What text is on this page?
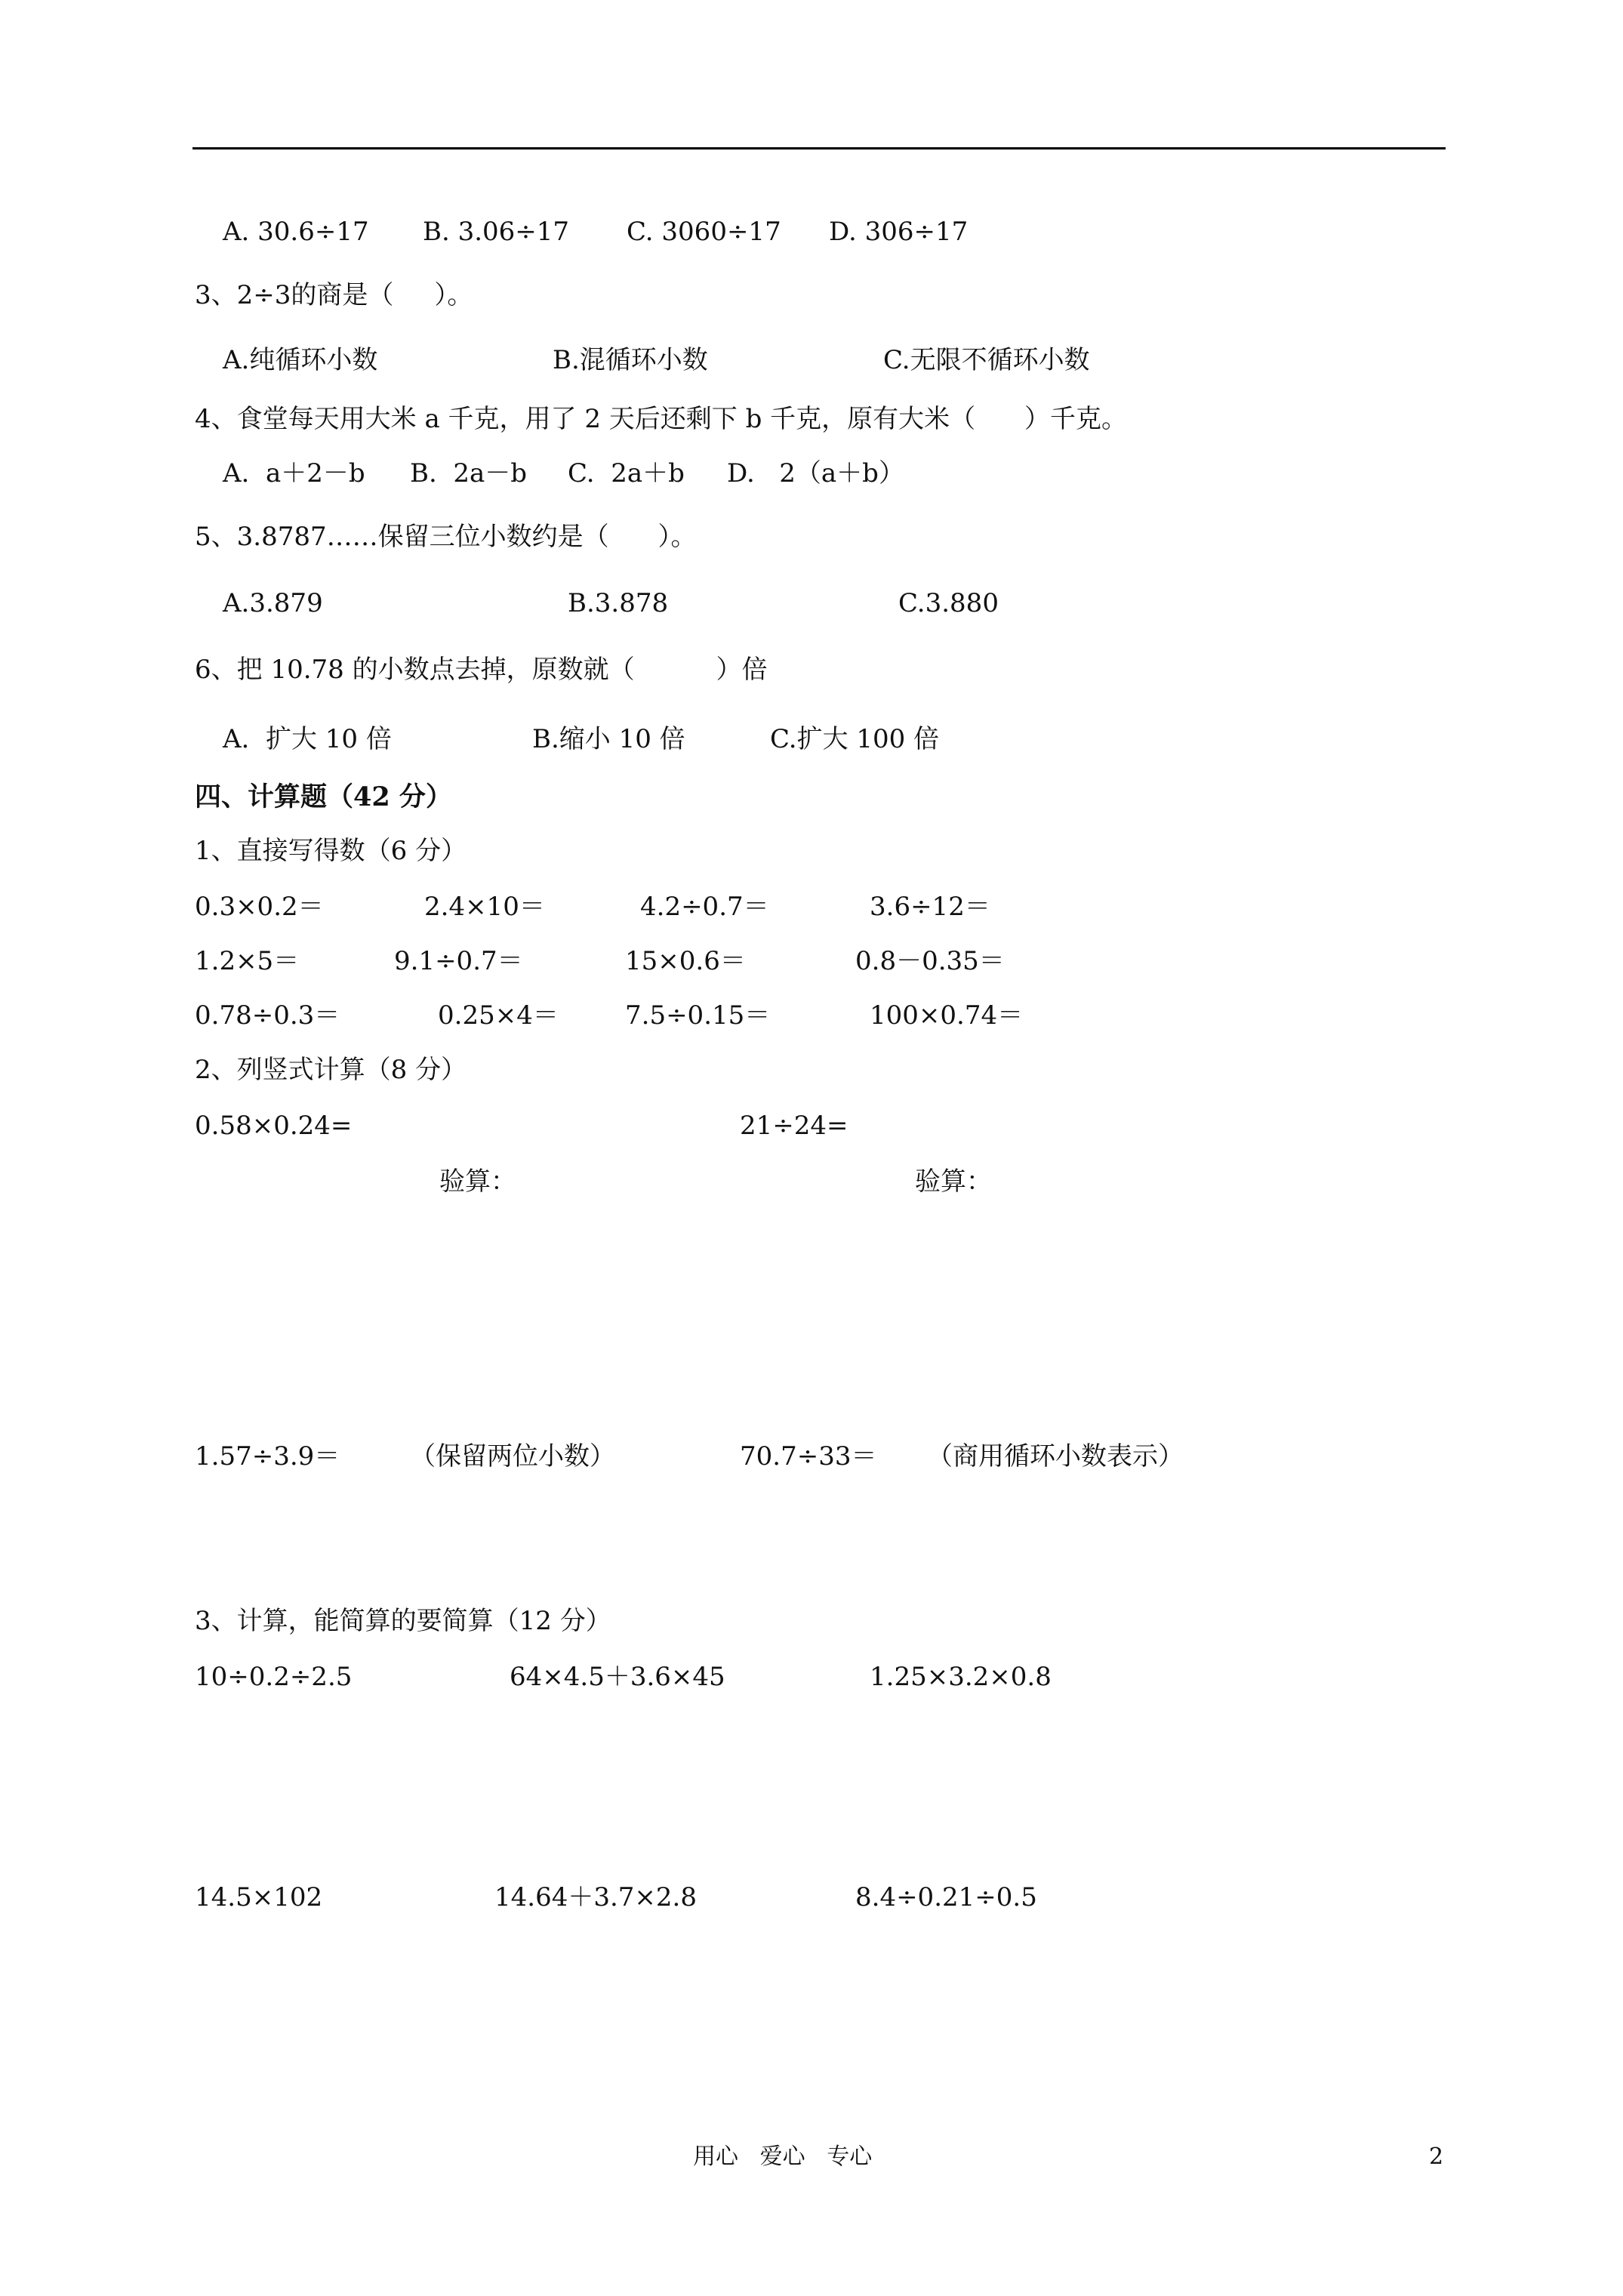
A. 30.6÷17 B. 3.06÷17 C. 3060÷17 D. 306÷17
3、2÷3的商是（     ）。
A.纯循环小数	B.混循环小数	C.无限不循环小数
4、食堂每天用大米 a 千克，用了 2 天后还剩下 b 千克，原有大米（      ）千克。
A.  a＋2－b B.  2a－b C.  2a＋b D.   2（a＋b）
5、3.8787……保留三位小数约是（      ）。
A.3.879	B.3.878	C.3.880
6、把 10.78 的小数点去掉，原数就（          ）倍
A.  扩大 10 倍	B.缩小 10 倍	C.扩大 100 倍
四、计算题（42 分）
1、直接写得数（6 分）
0.3×0.2＝	2.4×10＝	4.2÷0.7＝	3.6÷12＝
1.2×5＝	9.1÷0.7＝	15×0.6＝	0.8－0.35＝
0.78÷0.3＝	0.25×4＝	7.5÷0.15＝	100×0.74＝
2、列竖式计算（8 分）
0.58×0.24=	21÷24=
验算：	验算：
1.57÷3.9＝	（保留两位小数）	70.7÷33＝ （商用循环小数表示）
3、计算，能简算的要简算（12 分）
10÷0.2÷2.5	64×4.5＋3.6×45	1.25×3.2×0.8
14.5×102	14.64＋3.7×2.8	8.4÷0.21÷0.5
用心   爱心   专心	2
